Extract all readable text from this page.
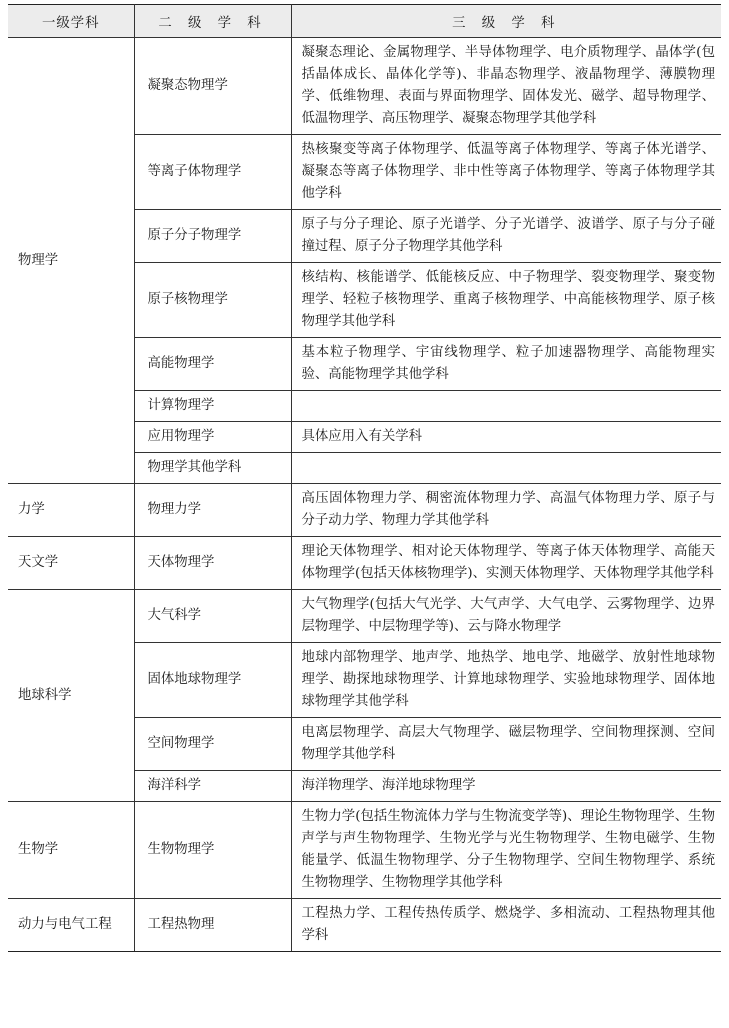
一级学科	二 级 学 科	三 级 学 科
物理学	凝聚态物理学	凝聚态理论、金属物理学、半导体物理学、电介质物理学、晶体学(包括晶体成长、晶体化学等)、非晶态物理学、液晶物理学、薄膜物理学、低维物理、表面与界面物理学、固体发光、磁学、超导物理学、低温物理学、高压物理学、凝聚态物理学其他学科
	等离子体物理学	热核聚变等离子体物理学、低温等离子体物理学、等离子体光谱学、凝聚态等离子体物理学、非中性等离子体物理学、等离子体物理学其他学科
	原子分子物理学	原子与分子理论、原子光谱学、分子光谱学、波谱学、原子与分子碰撞过程、原子分子物理学其他学科
	原子核物理学	核结构、核能谱学、低能核反应、中子物理学、裂变物理学、聚变物理学、轻粒子核物理学、重离子核物理学、中高能核物理学、原子核物理学其他学科
	高能物理学	基本粒子物理学、宇宙线物理学、粒子加速器物理学、高能物理实验、高能物理学其他学科
	计算物理学	
	应用物理学	具体应用入有关学科
	物理学其他学科	
力学	物理力学	高压固体物理力学、稠密流体物理力学、高温气体物理力学、原子与分子动力学、物理力学其他学科
天文学	天体物理学	理论天体物理学、相对论天体物理学、等离子体天体物理学、高能天体物理学(包括天体核物理学)、实测天体物理学、天体物理学其他学科
地球科学	大气科学	大气物理学(包括大气光学、大气声学、大气电学、云雾物理学、边界层物理学、中层物理学等)、云与降水物理学
	固体地球物理学	地球内部物理学、地声学、地热学、地电学、地磁学、放射性地球物理学、勘探地球物理学、计算地球物理学、实验地球物理学、固体地球物理学其他学科
	空间物理学	电离层物理学、高层大气物理学、磁层物理学、空间物理探测、空间物理学其他学科
	海洋科学	海洋物理学、海洋地球物理学
生物学	生物物理学	生物力学(包括生物流体力学与生物流变学等)、理论生物物理学、生物声学与声生物物理学、生物光学与光生物物理学、生物电磁学、生物能量学、低温生物物理学、分子生物物理学、空间生物物理学、系统生物物理学、生物物理学其他学科
动力与电气工程	工程热物理	工程热力学、工程传热传质学、燃烧学、多相流动、工程热物理其他学科
